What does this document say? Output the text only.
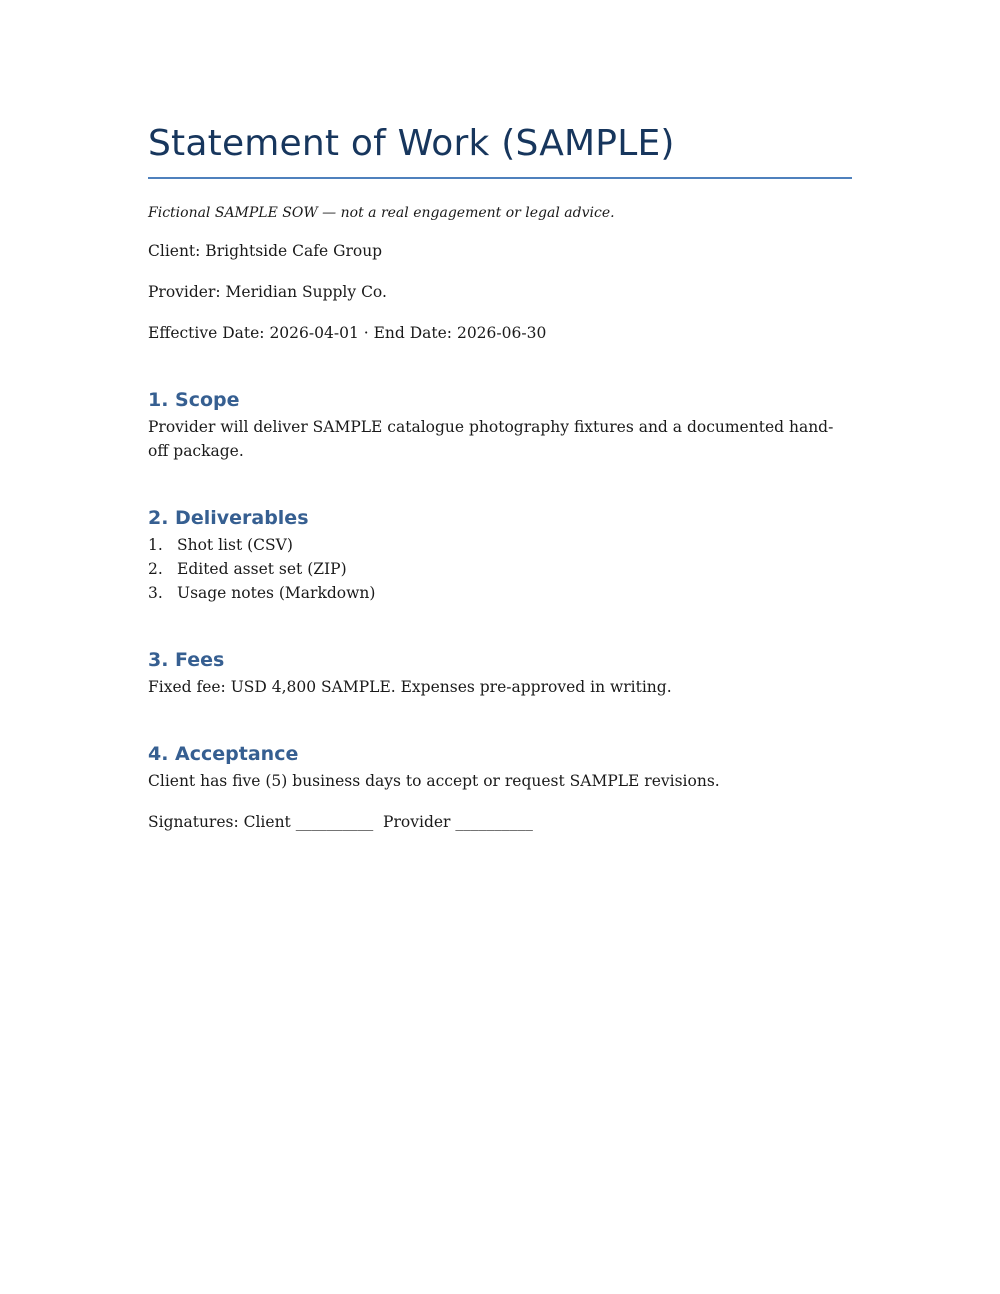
Statement of Work (SAMPLE)

Fictional SAMPLE SOW — not a real engagement or legal advice.

Client: Brightside Cafe Group

Provider: Meridian Supply Co.

Effective Date: 2026-04-01 · End Date: 2026-06-30

1. Scope

Provider will deliver SAMPLE catalogue photography fixtures and a documented hand-off package.

2. Deliverables
1. Shot list (CSV)
2. Edited asset set (ZIP)
3. Usage notes (Markdown)
3. Fees

Fixed fee: USD 4,800 SAMPLE. Expenses pre-approved in writing.

4. Acceptance

Client has five (5) business days to accept or request SAMPLE revisions.

Signatures: Client __________  Provider __________
